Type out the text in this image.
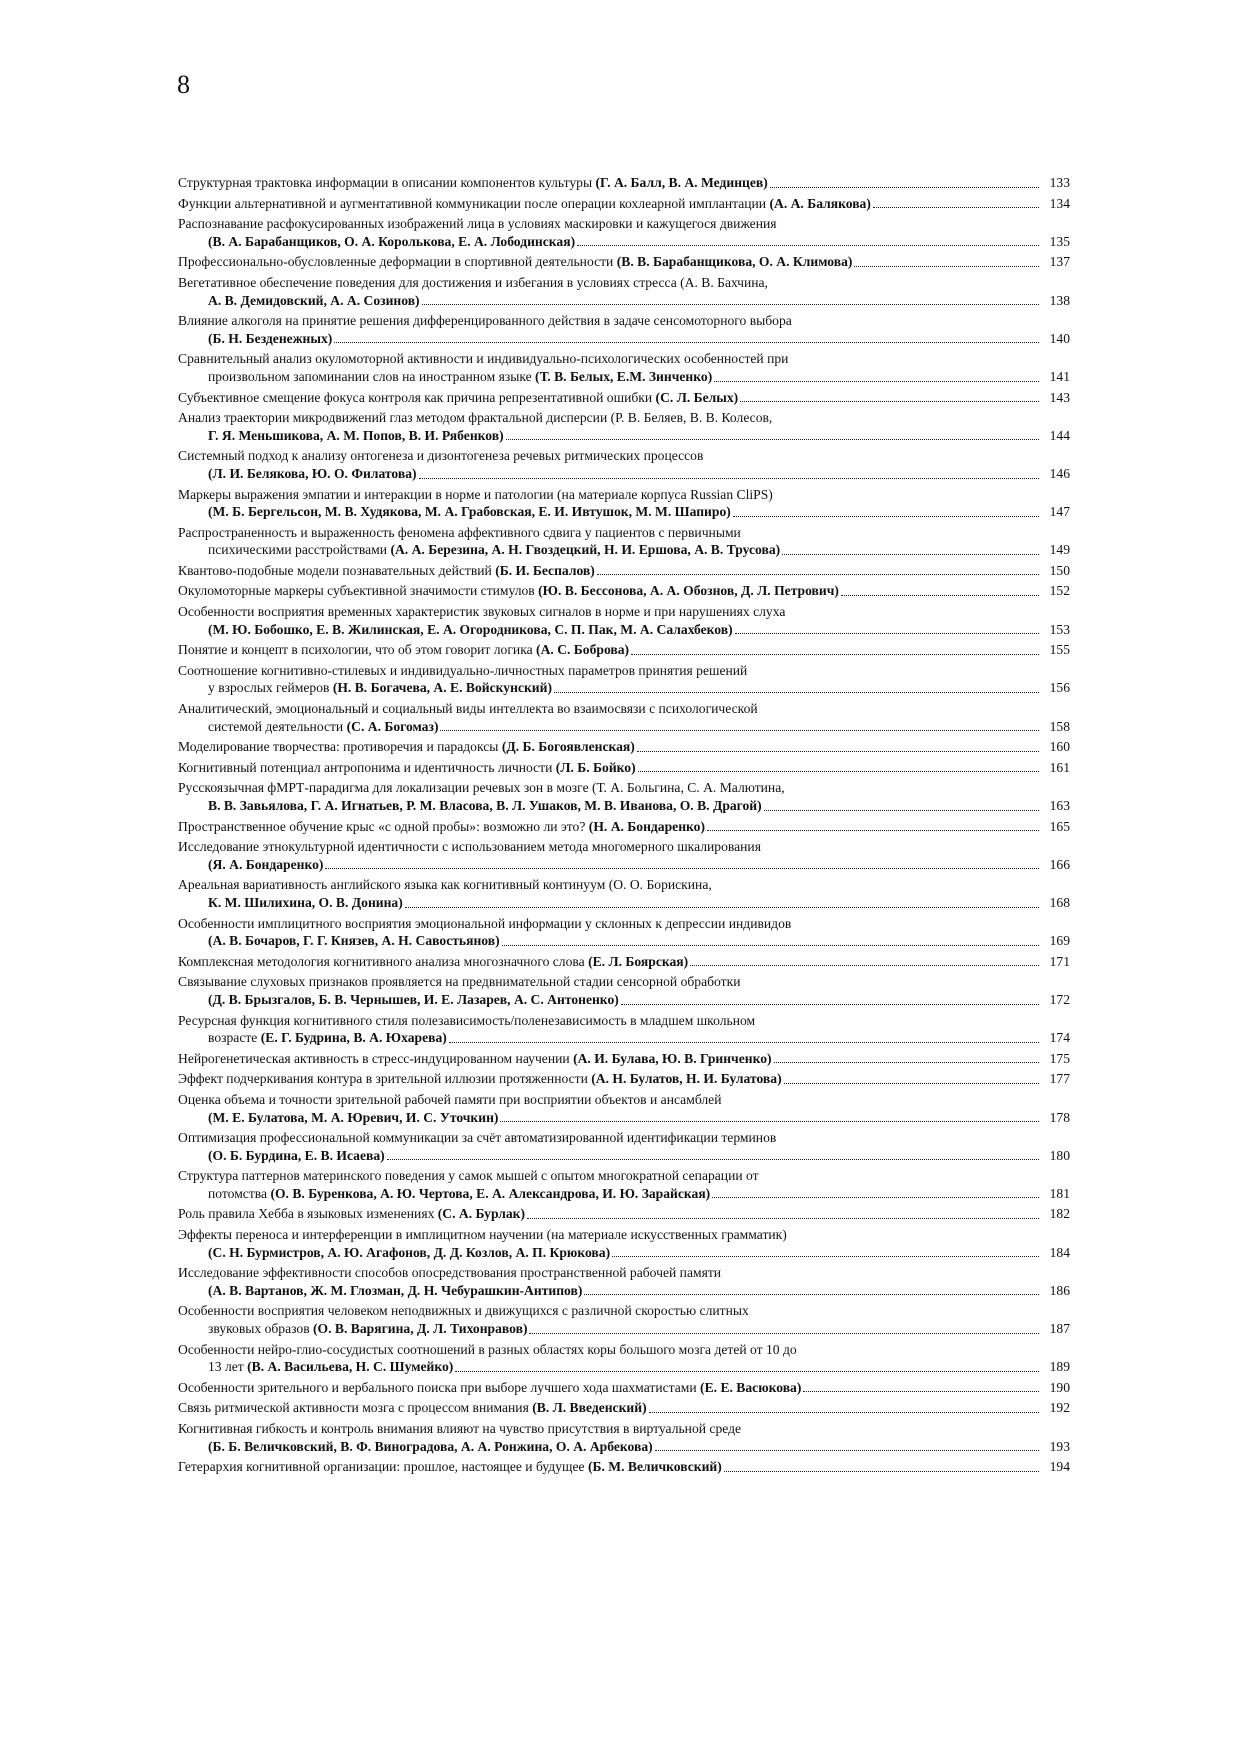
8
Структурная трактовка информации в описании компонентов культуры (Г. А. Балл, В. А. Мединцев)	133
Функции альтернативной и аугментативной коммуникации после операции кохлеарной имплантации (А. А. Балякова)	134
Распознавание расфокусированных изображений лица в условиях маскировки и кажущегося движения
(В. А. Барабанщиков, О. А. Королькова, Е. А. Лободинская)	135
Профессионально-обусловленные деформации в спортивной деятельности (В. В. Барабанщикова, О. А. Климова)	137
Вегетативное обеспечение поведения для достижения и избегания в условиях стресса (А. В. Бахчина,
А. В. Демидовский, А. А. Созинов)	138
Влияние алкоголя на принятие решения дифференцированного действия в задаче сенсомоторного выбора
(Б. Н. Безденежных)	140
Сравнительный анализ окуломоторной активности и индивидуально-психологических особенностей при
произвольном запоминании слов на иностранном языке (Т. В. Белых, Е.М. Зинченко)	141
Субъективное смещение фокуса контроля как причина репрезентативной ошибки (С. Л. Белых)	143
Анализ траектории микродвижений глаз методом фрактальной дисперсии (Р. В. Беляев, В. В. Колесов,
Г. Я. Меньшикова, А. М. Попов, В. И. Рябенков)	144
Системный подход к анализу онтогенеза и дизонтогенеза речевых ритмических процессов
(Л. И. Белякова, Ю. О. Филатова)	146
Маркеры выражения эмпатии и интеракции в норме и патологии (на материале корпуса Russian CliPS)
(М. Б. Бергельсон, М. В. Худякова, М. А. Грабовская, Е. И. Ивтушок, М. М. Шапиро)	147
Распространенность и выраженность феномена аффективного сдвига у пациентов с первичными
психическими расстройствами (А. А. Березина, А. Н. Гвоздецкий, Н. И. Ершова, А. В. Трусова)	149
Квантово-подобные модели познавательных действий (Б. И. Беспалов)	150
Окуломоторные маркеры субъективной значимости стимулов (Ю. В. Бессонова, А. А. Обознов, Д. Л. Петрович)	152
Особенности восприятия временных характеристик звуковых сигналов в норме и при нарушениях слуха
(М. Ю. Бобошко, Е. В. Жилинская, Е. А. Огородникова, С. П. Пак, М. А. Салахбеков)	153
Понятие и концепт в психологии, что об этом говорит логика (А. С. Боброва)	155
Соотношение когнитивно-стилевых и индивидуально-личностных параметров принятия решений
у взрослых геймеров (Н. В. Богачева, А. Е. Войскунский)	156
Аналитический, эмоциональный и социальный виды интеллекта во взаимосвязи с психологической
системой деятельности (С. А. Богомаз)	158
Моделирование творчества: противоречия и парадоксы (Д. Б. Богоявленская)	160
Когнитивный потенциал антропонима и идентичность личности (Л. Б. Бойко)	161
Русскоязычная фМРТ-парадигма для локализации речевых зон в мозге (Т. А. Больгина, С. А. Малютина,
В. В. Завьялова, Г. А. Игнатьев, Р. М. Власова, В. Л. Ушаков, М. В. Иванова, О. В. Драгой)	163
Пространственное обучение крыс «с одной пробы»: возможно ли это? (Н. А. Бондаренко)	165
Исследование этнокультурной идентичности с использованием метода многомерного шкалирования
(Я. А. Бондаренко)	166
Ареальная вариативность английского языка как когнитивный континуум (О. О. Борискина,
К. М. Шилихина, О. В. Донина)	168
Особенности имплицитного восприятия эмоциональной информации у склонных к депрессии индивидов
(А. В. Бочаров, Г. Г. Князев, А. Н. Савостьянов)	169
Комплексная методология когнитивного анализа многозначного слова (Е. Л. Боярская)	171
Связывание слуховых признаков проявляется на предвнимательной стадии сенсорной обработки
(Д. В. Брызгалов, Б. В. Чернышев, И. Е. Лазарев, А. С. Антоненко)	172
Ресурсная функция когнитивного стиля полезависимость/поленезависимость в младшем школьном
возрасте (Е. Г. Будрина, В. А. Юхарева)	174
Нейрогенетическая активность в стресс-индуцированном научении (А. И. Булава, Ю. В. Гринченко)	175
Эффект подчеркивания контура в зрительной иллюзии протяженности (А. Н. Булатов, Н. И. Булатова)	177
Оценка объема и точности зрительной рабочей памяти при восприятии объектов и ансамблей
(М. Е. Булатова, М. А. Юревич, И. С. Уточкин)	178
Оптимизация профессиональной коммуникации за счёт автоматизированной идентификации терминов
(О. Б. Бурдина, Е. В. Исаева)	180
Структура паттернов материнского поведения у самок мышей с опытом многократной сепарации от
потомства (О. В. Буренкова, А. Ю. Чертова, Е. А. Александрова, И. Ю. Зарайская)	181
Роль правила Хебба в языковых изменениях (С. А. Бурлак)	182
Эффекты переноса и интерференции в имплицитном научении (на материале искусственных грамматик)
(С. Н. Бурмистров, А. Ю. Агафонов, Д. Д. Козлов, А. П. Крюкова)	184
Исследование эффективности способов опосредствования пространственной рабочей памяти
(А. В. Вартанов, Ж. М. Глозман, Д. Н. Чебурашкин-Антипов)	186
Особенности восприятия человеком неподвижных и движущихся с различной скоростью слитных
звуковых образов (О. В. Варягина, Д. Л. Тихонравов)	187
Особенности нейро-глио-сосудистых соотношений в разных областях коры большого мозга детей от 10 до
13 лет (В. А. Васильева, Н. С. Шумейко)	189
Особенности зрительного и вербального поиска при выборе лучшего хода шахматистами (Е. Е. Васюкова)	190
Связь ритмической активности мозга с процессом внимания (В. Л. Введенский)	192
Когнитивная гибкость и контроль внимания влияют на чувство присутствия в виртуальной среде
(Б. Б. Величковский, В. Ф. Виноградова, А. А. Ронжина, О. А. Арбекова)	193
Гетерархия когнитивной организации: прошлое, настоящее и будущее (Б. М. Величковский)	194
